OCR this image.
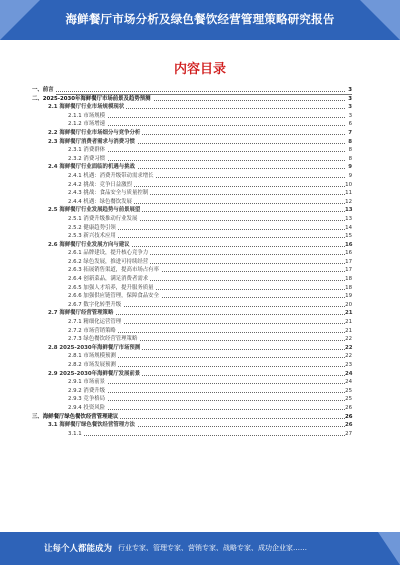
海鲜餐厅市场分析及绿色餐饮经营管理策略研究报告
内容目录
一、前言	3
二、2025-2030年海鲜餐厅市场前景及趋势预测	3
2.1 海鲜餐厅行业市场规模现状	3
2.1.1 市场规模	3
2.1.2 市场增速	6
2.2 海鲜餐厅行业市场细分与竞争分析	7
2.3 海鲜餐厅消费者需求与消费习惯	8
2.3.1 消费群体	8
2.3.2 消费习惯	8
2.4 海鲜餐厅行业面临的机遇与挑战	9
2.4.1 机遇：消费升级带动需求增长	9
2.4.2 挑战：竞争日益激烈	10
2.4.3 挑战：食品安全与质量控制	11
2.4.4 机遇：绿色餐饮发展	12
2.5 海鲜餐厅行业发展趋势与前景展望	13
2.5.1 消费升级推动行业发展	13
2.5.2 健康趋势引领	14
2.5.3 新兴技术应用	15
2.6 海鲜餐厅行业发展方向与建议	16
2.6.1 品牌建设，提升核心竞争力	16
2.6.2 绿色发展，推进可持续经营	17
2.6.3 拓展销售渠道，提高市场占有率	17
2.6.4 创新菜品，满足消费者需求	18
2.6.5 加强人才培养，提升服务质量	18
2.6.6 加强供应链管理，保障食品安全	19
2.6.7 数字化转型升级	20
2.7 海鲜餐厅经营管理策略	21
2.7.1 精细化运营管理	21
2.7.2 市场营销策略	21
2.7.3 绿色餐饮经营管理策略	22
2.8 2025-2030年海鲜餐厅市场预测	22
2.8.1 市场规模预测	22
2.8.2 市场发展预测	23
2.9 2025-2030年海鲜餐厅发展前景	24
2.9.1 市场前景	24
2.9.2 消费升级	25
2.9.3 竞争格局	25
2.9.4 投资风险	26
三、海鲜餐厅绿色餐饮经营管理建议	26
3.1 海鲜餐厅绿色餐饮经营管理方法	26
3.1.1	27
让每个人都能成为 行业专家、管理专家、营销专家、战略专家、成功企业家……
